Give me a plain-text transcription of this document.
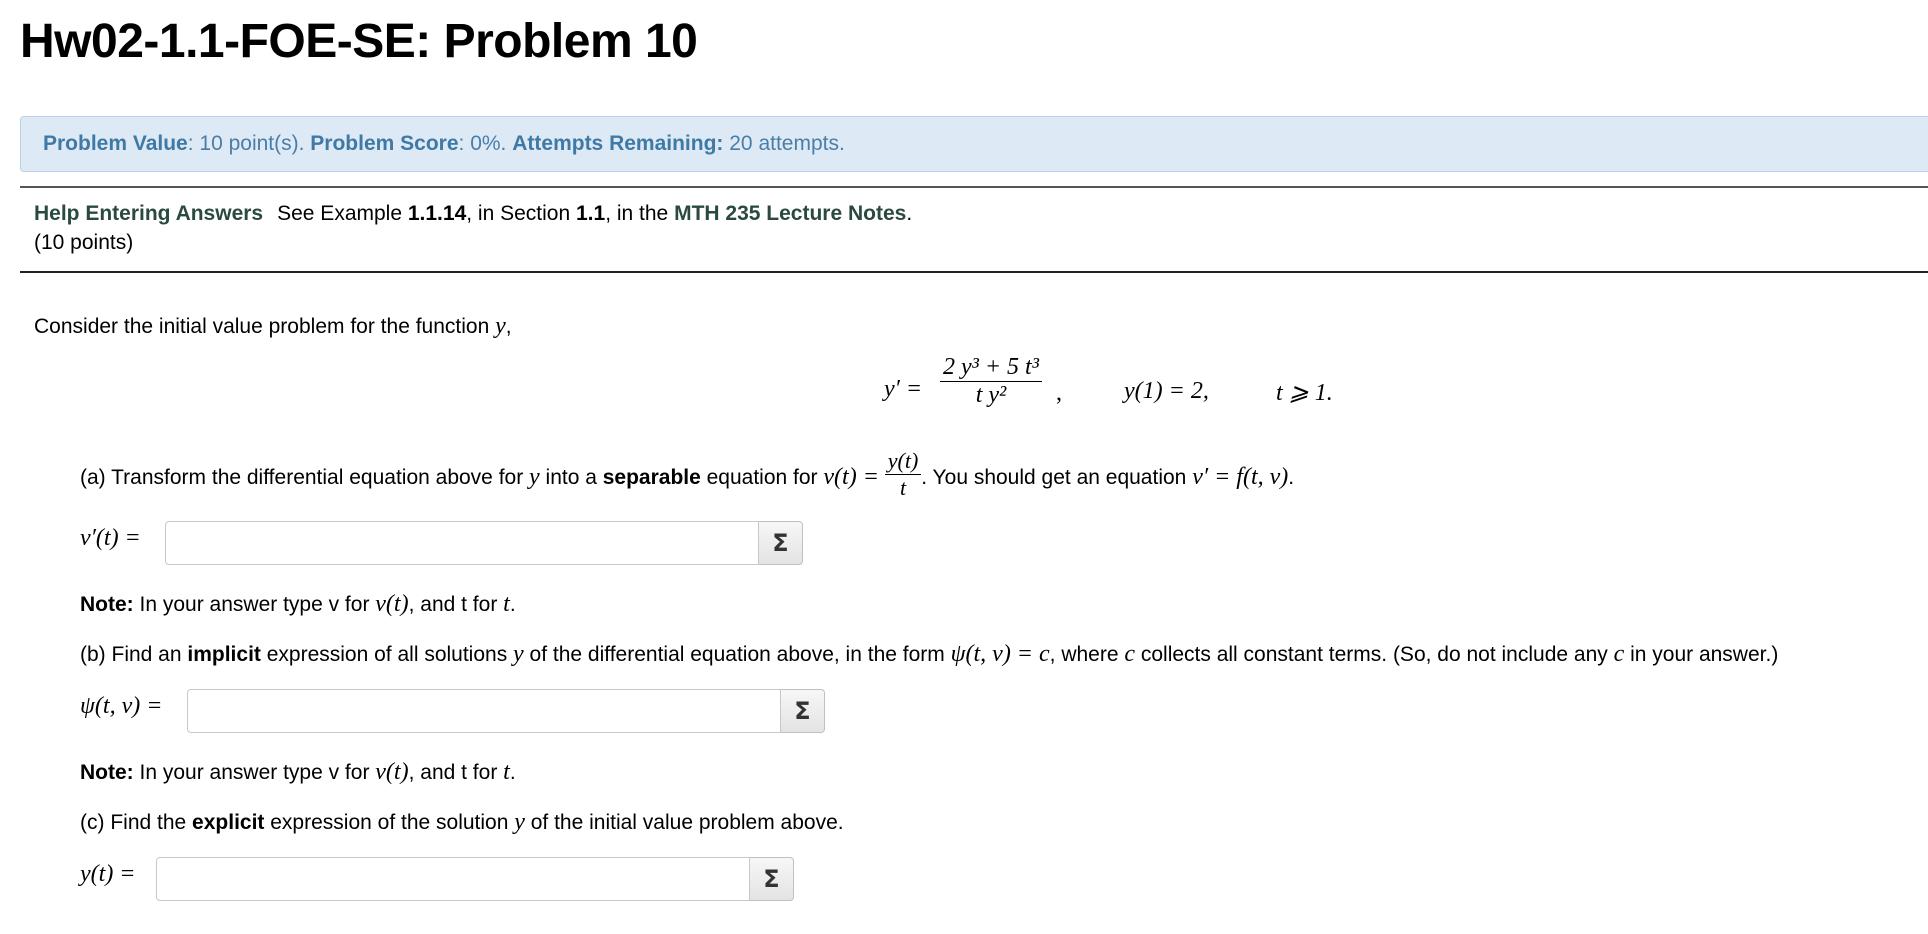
Hw02-1.1-FOE-SE: Problem 10
Problem Value: 10 point(s). Problem Score: 0%. Attempts Remaining: 20 attempts.
Help Entering Answers See Example 1.1.14, in Section 1.1, in the MTH 235 Lecture Notes.
(10 points)
Consider the initial value problem for the function y,
$y' = \frac{\text{2 y³ + 5 t³}}{\text{t y²}}$ ,	y(1) = 2,	t ⩾ 1.
(a) Transform the differential equation above for y into a separable equation for $v(t) = \frac{y(t)}{t}$ . You should get an equation v′ = f(t, v).
v′(t) =	Σ
Note: In your answer type v for v(t), and t for t.
(b) Find an implicit expression of all solutions y of the differential equation above, in the form ψ(t, v) = c, where c collects all constant terms. (So, do not include any c in your answer.)
ψ(t, v) =	Σ
Note: In your answer type v for v(t), and t for t.
(c) Find the explicit expression of the solution y of the initial value problem above.
y(t) =	Σ
